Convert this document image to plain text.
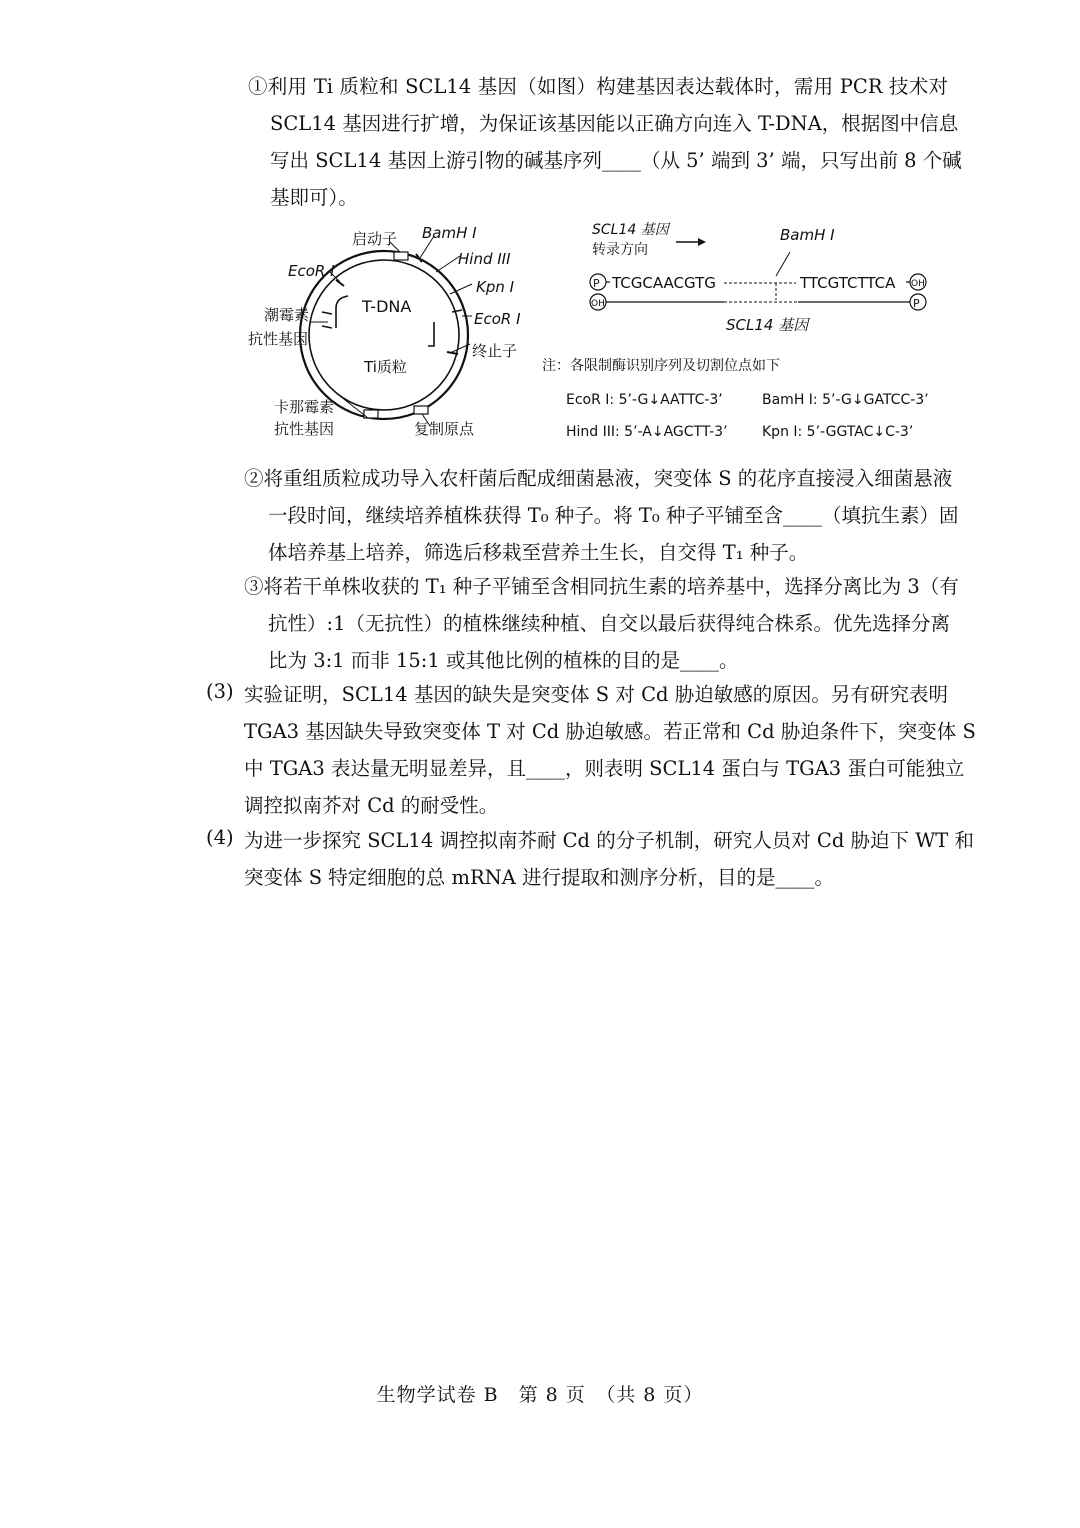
①利用 Ti 质粒和 SCL14 基因（如图）构建基因表达载体时，需用 PCR 技术对
SCL14 基因进行扩增，为保证该基因能以正确方向连入 T-DNA，根据图中信息
写出 SCL14 基因上游引物的碱基序列____（从 5’ 端到 3’ 端，只写出前 8 个碱
基即可）。
启动子 BamH I
Hind III
Kpn I
EcoR I
EcoR I
潮霉素
抗性基因
T-DNA
Ti质粒
终止子
卡那霉素
抗性基因	复制原点
SCL14 基因
转录方向
BamH I
P TCGCAACGTG	TTCGTCTTCA OH
OH	P
SCL14 基因
注：各限制酶识别序列及切割位点如下
EcoR I: 5’-G↓AATTC-3’	BamH I: 5’-G↓GATCC-3’
Hind III: 5’-A↓AGCTT-3’ Kpn I: 5’-GGTAC↓C-3’
②将重组质粒成功导入农杆菌后配成细菌悬液，突变体 S 的花序直接浸入细菌悬液
一段时间，继续培养植株获得 T₀ 种子。将 T₀ 种子平铺至含____（填抗生素）固
体培养基上培养，筛选后移栽至营养土生长，自交得 T₁ 种子。
③将若干单株收获的 T₁ 种子平铺至含相同抗生素的培养基中，选择分离比为 3（有
抗性）:1（无抗性）的植株继续种植、自交以最后获得纯合株系。优先选择分离
比为 3:1 而非 15:1 或其他比例的植株的目的是____。
(3) 实验证明，SCL14 基因的缺失是突变体 S 对 Cd 胁迫敏感的原因。另有研究表明
TGA3 基因缺失导致突变体 T 对 Cd 胁迫敏感。若正常和 Cd 胁迫条件下，突变体 S
中 TGA3 表达量无明显差异，且____，则表明 SCL14 蛋白与 TGA3 蛋白可能独立
调控拟南芥对 Cd 的耐受性。
(4) 为进一步探究 SCL14 调控拟南芥耐 Cd 的分子机制，研究人员对 Cd 胁迫下 WT 和
突变体 S 特定细胞的总 mRNA 进行提取和测序分析，目的是____。
生物学试卷 B　第 8 页　（共 8 页）
